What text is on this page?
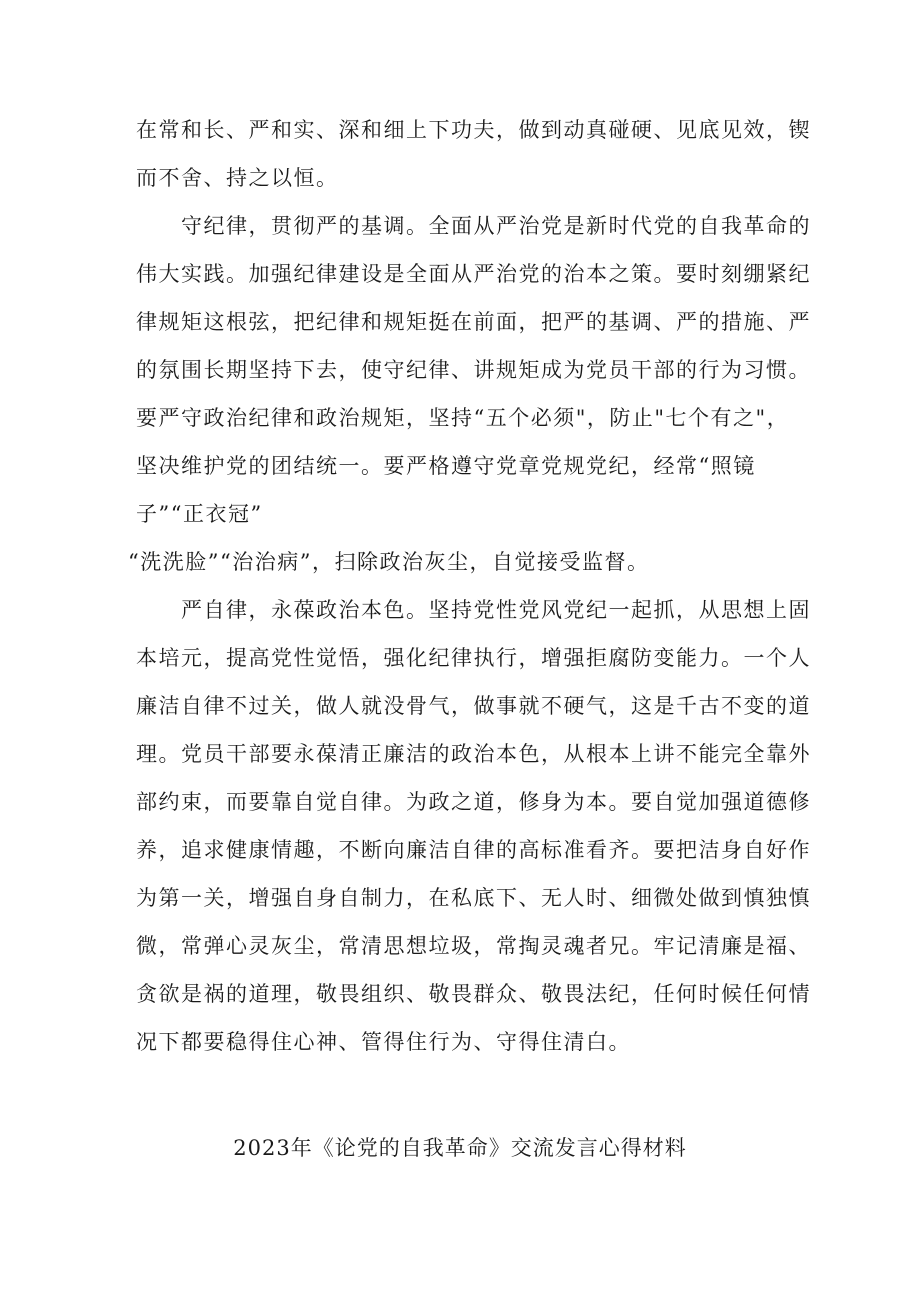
在常和长、严和实、深和细上下功夫，做到动真碰硬、见底见效，锲
而不舍、持之以恒。
　　守纪律，贯彻严的基调。全面从严治党是新时代党的自我革命的
伟大实践。加强纪律建设是全面从严治党的治本之策。要时刻绷紧纪
律规矩这根弦，把纪律和规矩挺在前面，把严的基调、严的措施、严
的氛围长期坚持下去，使守纪律、讲规矩成为党员干部的行为习惯。
要严守政治纪律和政治规矩，坚持“五个必须"，防止"七个有之"，
坚决维护党的团结统一。要严格遵守党章党规党纪，经常“照镜
子”“正衣冠”
“洗洗脸”“治治病”，扫除政治灰尘，自觉接受监督。
　　严自律，永葆政治本色。坚持党性党风党纪一起抓，从思想上固
本培元，提高党性觉悟，强化纪律执行，增强拒腐防变能力。一个人
廉洁自律不过关，做人就没骨气，做事就不硬气，这是千古不变的道
理。党员干部要永葆清正廉洁的政治本色，从根本上讲不能完全靠外
部约束，而要靠自觉自律。为政之道，修身为本。要自觉加强道德修
养，追求健康情趣，不断向廉洁自律的高标准看齐。要把洁身自好作
为第一关，增强自身自制力，在私底下、无人时、细微处做到慎独慎
微，常弹心灵灰尘，常清思想垃圾，常掏灵魂者兄。牢记清廉是福、
贪欲是祸的道理，敬畏组织、敬畏群众、敬畏法纪，任何时候任何情
况下都要稳得住心神、管得住行为、守得住清白。
2023年《论党的自我革命》交流发言心得材料
